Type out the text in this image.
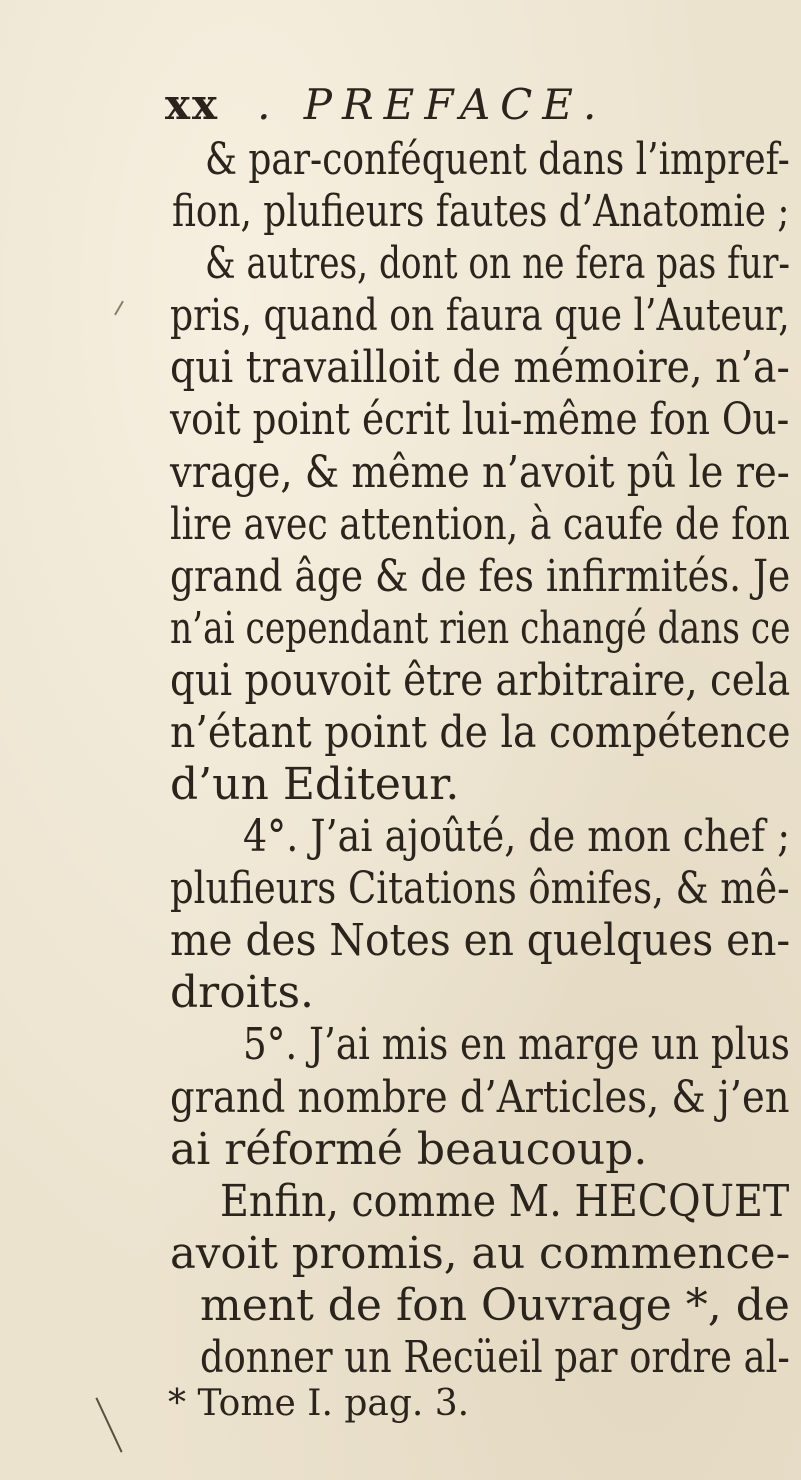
xx . PREFACE.
& par-conféquent dans l’impref-
fion, plufieurs fautes d’Anatomie ;
& autres, dont on ne fera pas fur-
pris, quand on faura que l’Auteur,
qui travailloit de mémoire, n’a-
voit point écrit lui-même fon Ou-
vrage, & même n’avoit pû le re-
lire avec attention, à caufe de fon
grand âge & de fes infirmités. Je
n’ai cependant rien changé dans ce
qui pouvoit être arbitraire, cela
n’étant point de la compétence
d’un Editeur.
4°. J’ai ajoûté, de mon chef ;
plufieurs Citations ômifes, & mê-
me des Notes en quelques en-
droits.
5°. J’ai mis en marge un plus
grand nombre d’Articles, & j’en
ai réformé beaucoup.
Enfin, comme M. HECQUET
avoit promis, au commence-
ment de fon Ouvrage *, de
donner un Recüeil par ordre al-
* Tome I. pag. 3.
